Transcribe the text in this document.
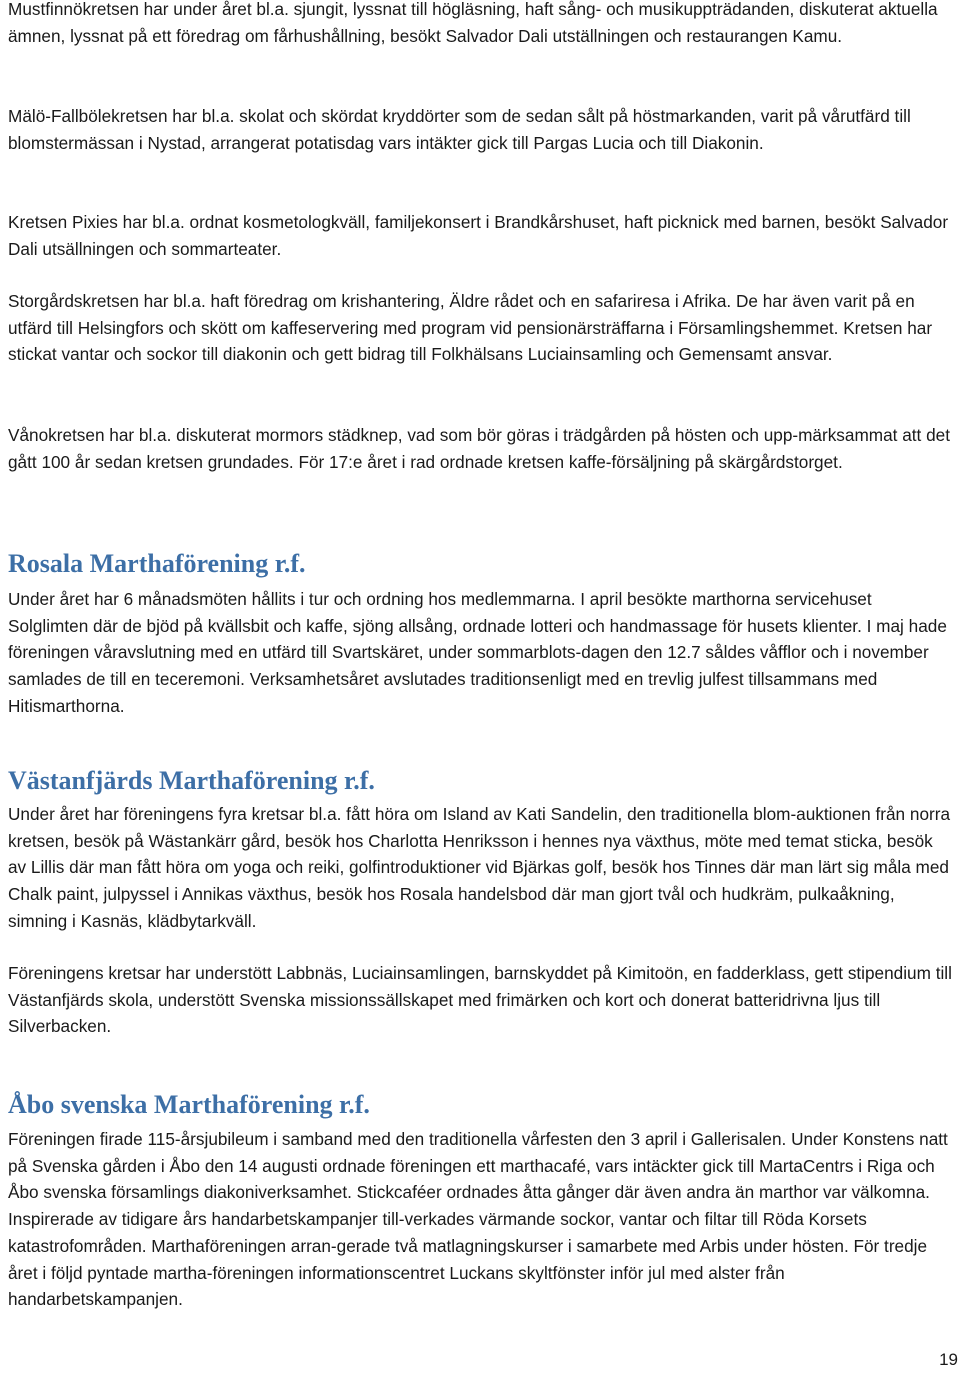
Mustfinnökretsen har under året bl.a. sjungit, lyssnat till högläsning, haft sång- och musikuppträdanden, diskuterat aktuella ämnen, lyssnat på ett föredrag om fårhushållning, besökt Salvador Dali utställningen och restaurangen Kamu.

Mälö-Fallbölekretsen har bl.a. skolat och skördat kryddörter som de sedan sålt på höstmarkanden, varit på vårutfärd till blomstermässan i Nystad, arrangerat potatisdag vars intäkter gick till Pargas Lucia och till Diakonin.

Kretsen Pixies har bl.a. ordnat kosmetologkväll, familjekonsert i Brandkårshuset, haft picknick med barnen, besökt Salvador Dali utsällningen och sommarteater.

Storgårdskretsen har bl.a. haft föredrag om krishantering, Äldre rådet och en safariresa i Afrika. De har även varit på en utfärd till Helsingfors och skött om kaffeservering med program vid pensionärsträffarna i Församlingshemmet. Kretsen har stickat vantar och sockor till diakonin och gett bidrag till Folkhälsans Luciainsamling och Gemensamt ansvar.

Vånokretsen har bl.a. diskuterat mormors städknep, vad som bör göras i trädgården på hösten och upp-märksammat att det gått 100 år sedan kretsen grundades. För 17:e året i rad ordnade kretsen kaffe-försäljning på skärgårdstorget.

Rosala Marthaförening r.f.

Under året har 6 månadsmöten hållits i tur och ordning hos medlemmarna. I april besökte marthorna servicehuset Solglimten där de bjöd på kvällsbit och kaffe, sjöng allsång, ordnade lotteri och handmassage för husets klienter. I maj hade föreningen våravslutning med en utfärd till Svartskäret, under sommarblots-dagen den 12.7 såldes våfflor och i november samlades de till en teceremoni. Verksamhetsåret avslutades traditionsenligt med en trevlig julfest tillsammans med Hitismarthorna.

Västanfjärds Marthaförening r.f.

Under året har föreningens fyra kretsar bl.a. fått höra om Island av Kati Sandelin, den traditionella blom-auktionen från norra kretsen, besök på Wästankärr gård, besök hos Charlotta Henriksson i hennes nya växthus, möte med temat sticka, besök av Lillis där man fått höra om yoga och reiki, golfintroduktioner vid Bjärkas golf, besök hos Tinnes där man lärt sig måla med Chalk paint, julpyssel i Annikas växthus, besök hos Rosala handelsbod där man gjort tvål och hudkräm, pulkaåkning, simning i Kasnäs, klädbytarkväll.

Föreningens kretsar har understött Labbnäs, Luciainsamlingen, barnskyddet på Kimitoön, en fadderklass, gett stipendium till Västanfjärds skola, understött Svenska missionssällskapet med frimärken och kort och donerat batteridrivna ljus till Silverbacken.

Åbo svenska Marthaförening r.f.

Föreningen firade 115-årsjubileum i samband med den traditionella vårfesten den 3 april i Gallerisalen. Under Konstens natt på Svenska gården i Åbo den 14 augusti ordnade föreningen ett marthacafé, vars intäckter gick till MartaCentrs i Riga och Åbo svenska församlings diakoniverksamhet. Stickcaféer ordnades åtta gånger där även andra än marthor var välkomna. Inspirerade av tidigare års handarbetskampanjer till-verkades värmande sockor, vantar och filtar till Röda Korsets katastrofområden. Marthaföreningen arran-gerade två matlagningskurser i samarbete med Arbis under hösten. För tredje året i följd pyntade martha-föreningen informationscentret Luckans skyltfönster inför jul med alster från handarbetskampanjen.

19
